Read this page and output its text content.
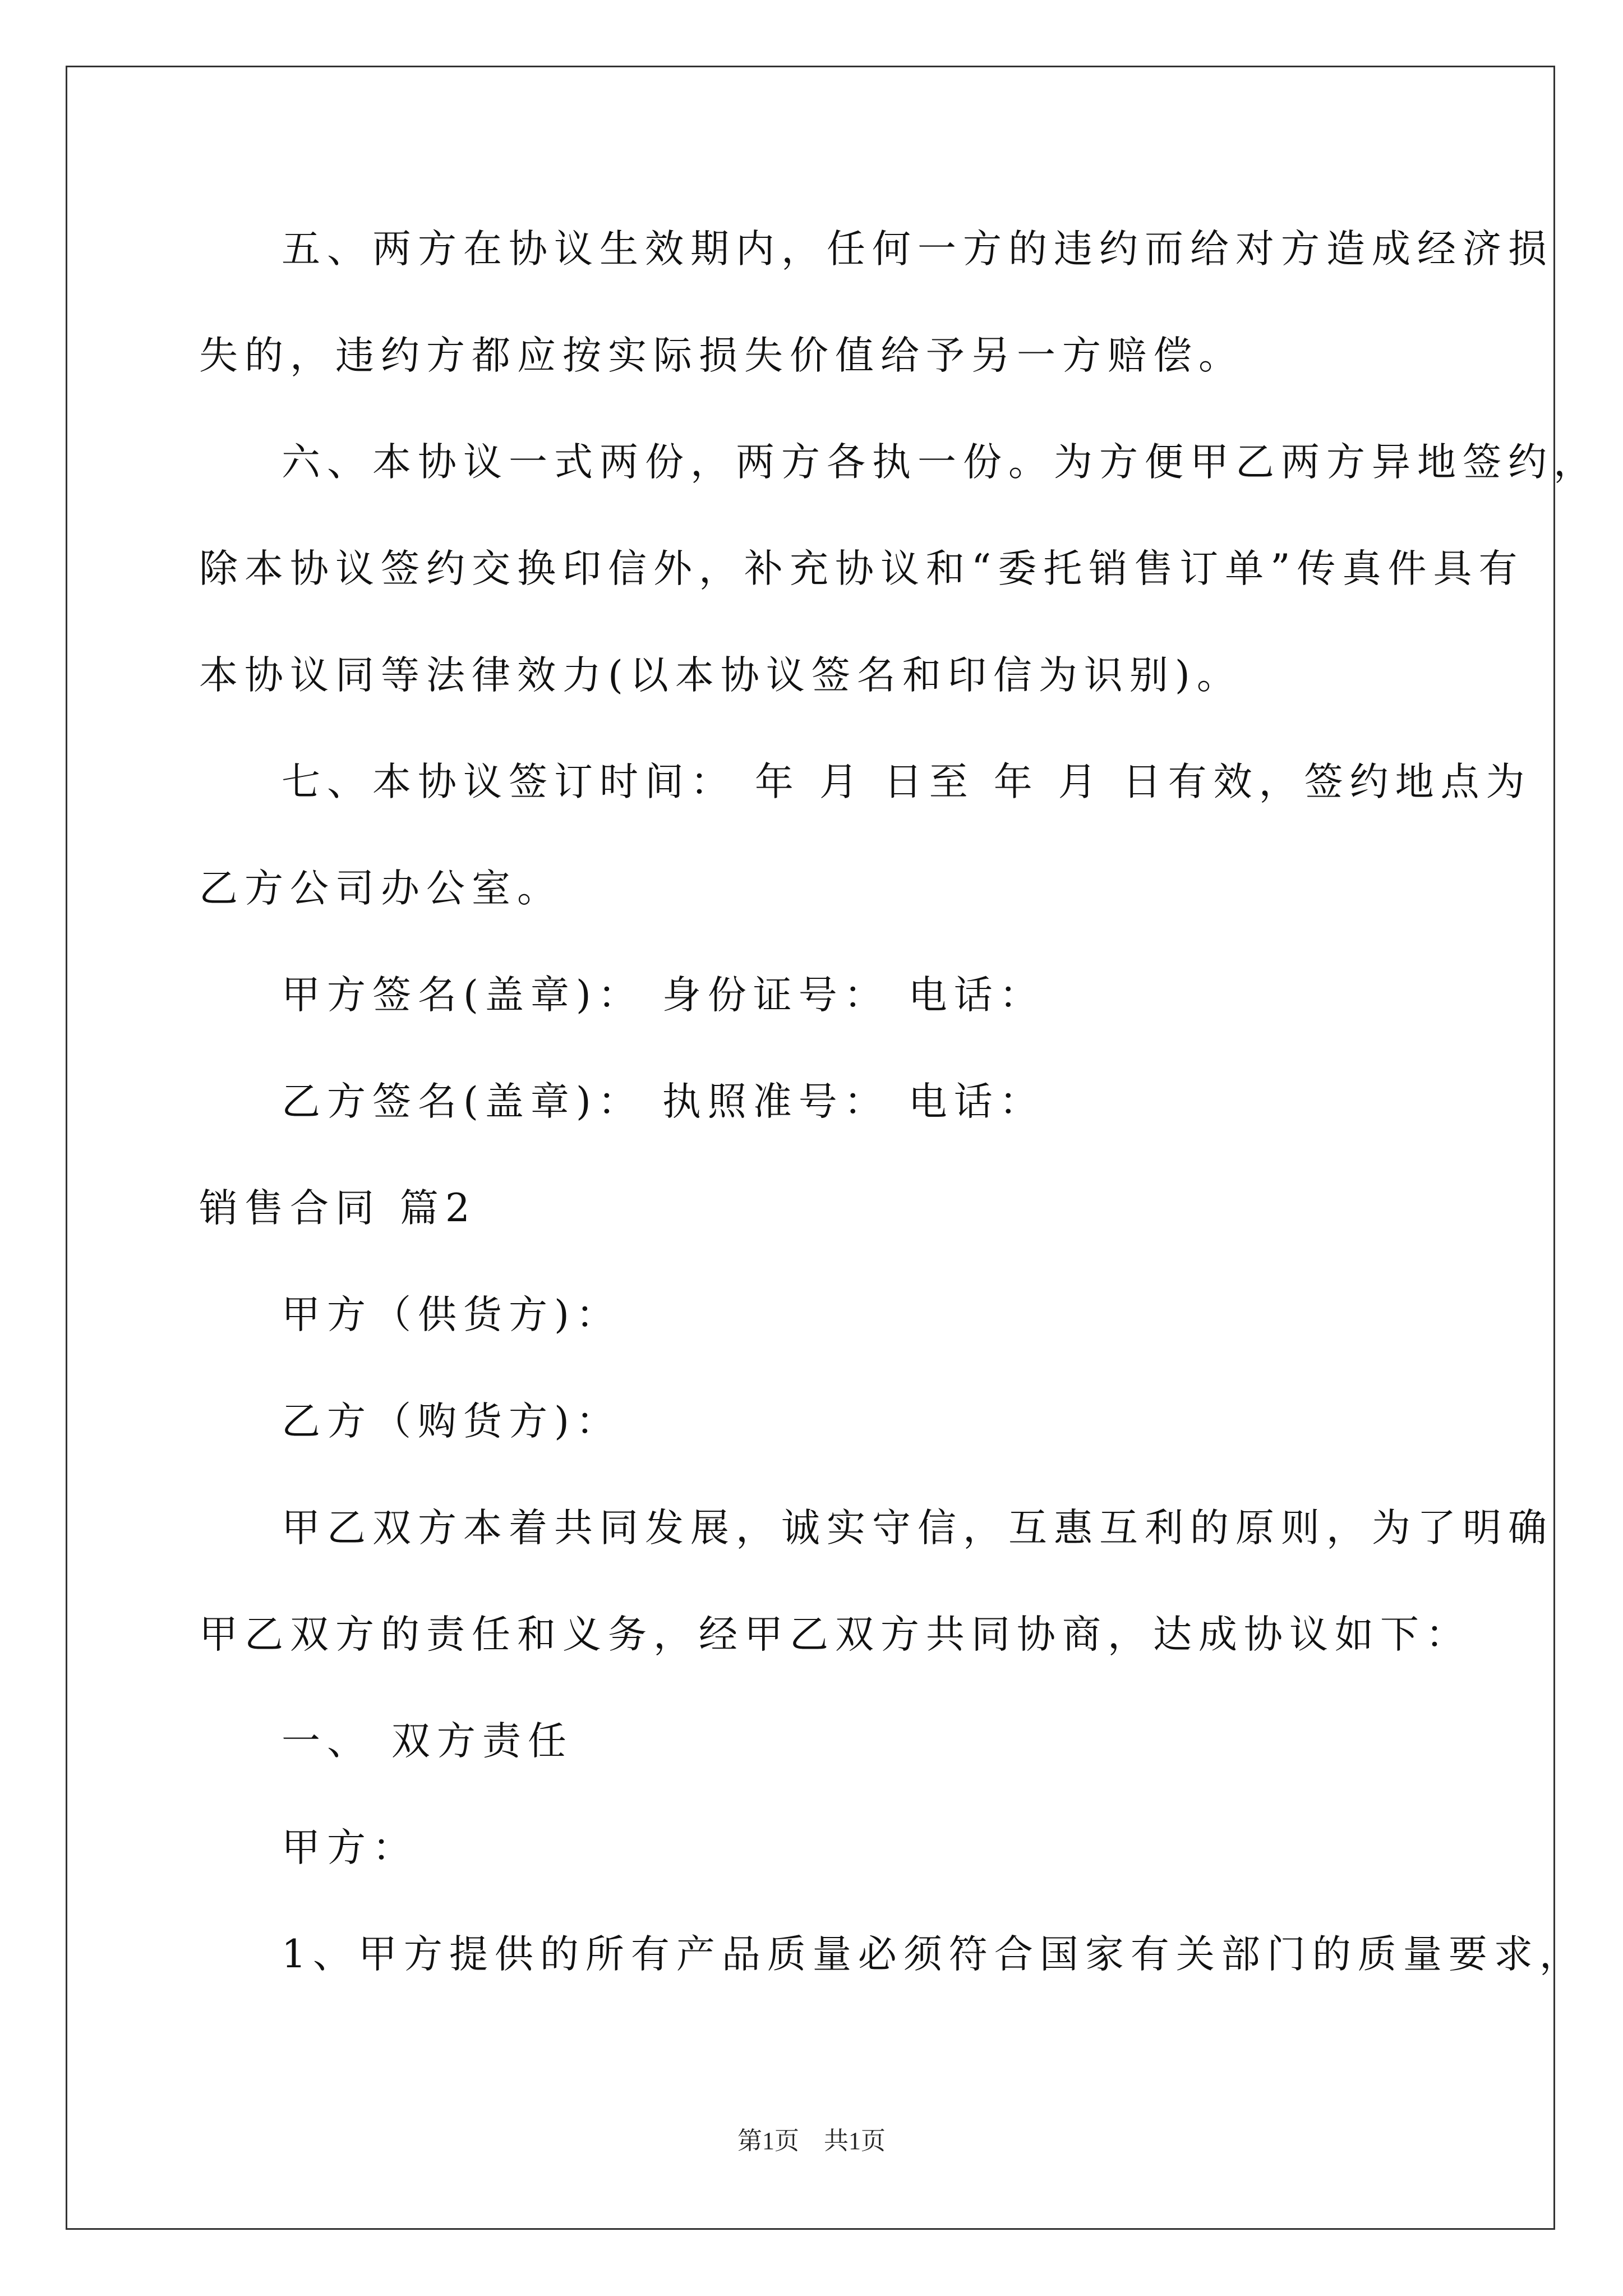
五、两方在协议生效期内，任何一方的违约而给对方造成经济损
失的，违约方都应按实际损失价值给予另一方赔偿。
六、本协议一式两份，两方各执一份。为方便甲乙两方异地签约，
除本协议签约交换印信外，补充协议和“委托销售订单”传真件具有
本协议同等法律效力(以本协议签名和印信为识别)。
七、本协议签订时间： 年 月 日至 年 月 日有效，签约地点为
乙方公司办公室。
甲方签名(盖章)： 身份证号： 电话：
乙方签名(盖章)： 执照准号： 电话：
销售合同 篇2
甲方（供货方)：
乙方（购货方)：
甲乙双方本着共同发展，诚实守信，互惠互利的原则，为了明确
甲乙双方的责任和义务，经甲乙双方共同协商，达成协议如下：
一、 双方责任
甲方：
1、甲方提供的所有产品质量必须符合国家有关部门的质量要求，
第1页　共1页
